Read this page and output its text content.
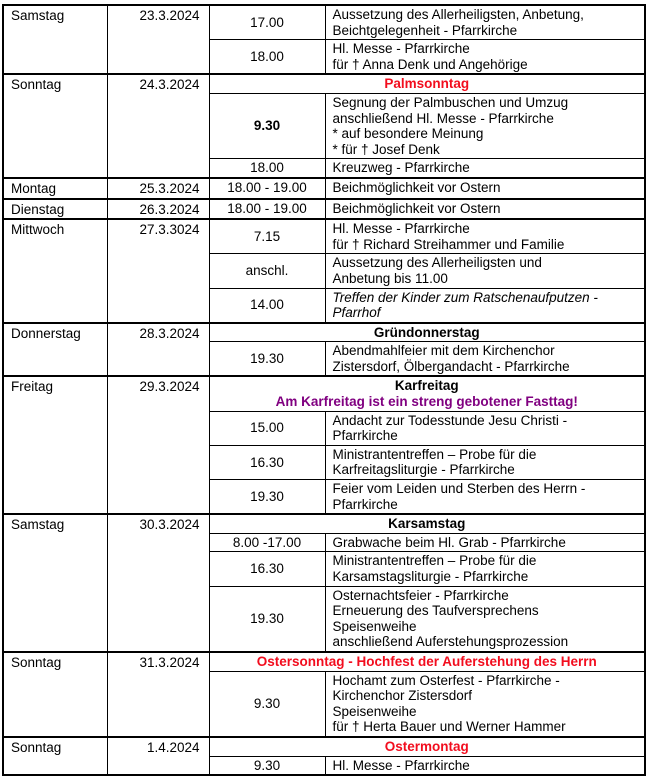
Samstag	23.3.2024	17.00	Aussetzung des Allerheiligsten, Anbetung,
Beichtgelegenheit - Pfarrkirche
		18.00	Hl. Messe - Pfarrkirche
für † Anna Denk und Angehörige
Sonntag	24.3.2024	Palmsonntag	

		9.30	Segnung der Palmbuschen und Umzug
anschließend Hl. Messe - Pfarrkirche
* auf besondere Meinung
* für † Josef Denk
		18.00	Kreuzweg - Pfarrkirche
Montag	25.3.2024	18.00 - 19.00	Beichmöglichkeit vor Ostern
Dienstag	26.3.2024	18.00 - 19.00	Beichmöglichkeit vor Ostern
Mittwoch	27.3.3024	7.15	Hl. Messe - Pfarrkirche
für † Richard Streihammer und Familie
		anschl.	Aussetzung des Allerheiligsten und
Anbetung bis 11.00
		14.00	Treffen der Kinder zum Ratschenaufputzen -
Pfarrhof
Donnerstag	28.3.2024	Gründonnerstag	

		19.30	Abendmahlfeier mit dem Kirchenchor
Zistersdorf, Ölbergandacht - Pfarrkirche
Freitag	29.3.2024	Karfreitag
Am Karfreitag ist ein streng gebotener Fasttag!	

		15.00	Andacht zur Todesstunde Jesu Christi -
Pfarrkirche
		16.30	Ministrantentreffen – Probe für die
Karfreitagsliturgie - Pfarrkirche
		19.30	Feier vom Leiden und Sterben des Herrn -
Pfarrkirche
Samstag	30.3.2024	Karsamstag	

		8.00 -17.00	Grabwache beim Hl. Grab - Pfarrkirche
		16.30	Ministrantentreffen – Probe für die
Karsamstagsliturgie - Pfarrkirche
		19.30	Osternachtsfeier - Pfarrkirche
Erneuerung des Taufversprechens
Speisenweihe
anschließend Auferstehungsprozession
Sonntag	31.3.2024	Ostersonntag - Hochfest der Auferstehung des Herrn	

		9.30	Hochamt zum Osterfest - Pfarrkirche -
Kirchenchor Zistersdorf
Speisenweihe
für † Herta Bauer und Werner Hammer
Sonntag	1.4.2024	Ostermontag	

		9.30	Hl. Messe - Pfarrkirche
